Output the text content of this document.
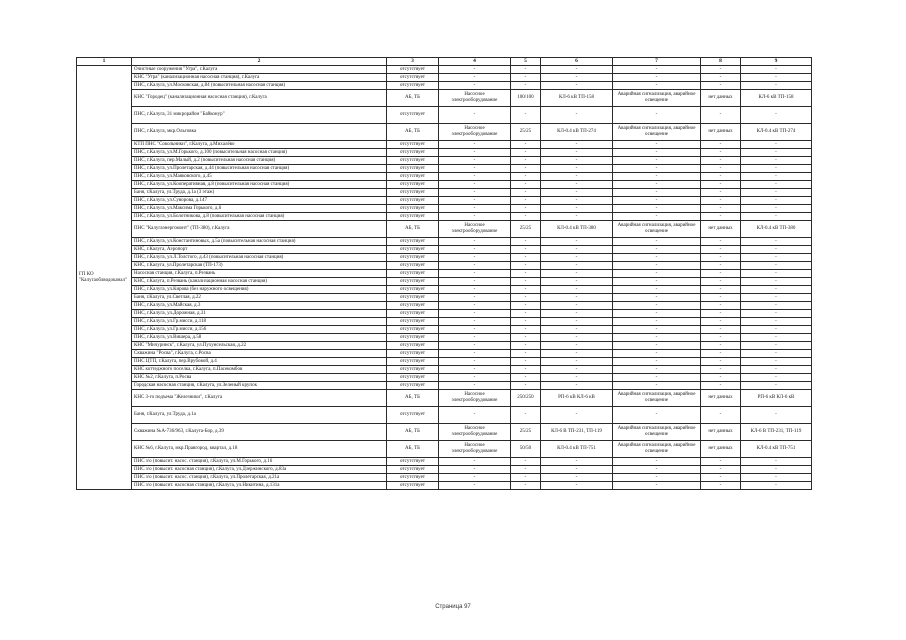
1	2	3	4	5	6	7	8	9
ГП КО "Калугаоблводоканал"	Очистные сооружения "Угра", г.Калуга	отсутствует	-	-	-	-	-	-
	КНС "Угра" (канализационная насосная станция), г.Калуга	отсутствует	-	-	-	-	-	-
	ПНС, г.Калуга, ул.Московская, д.84 (повысительная насосная станция)	отсутствует	-	-	-	-	-	-
	КНС "Городец" (канализационная насосная станция), г.Калуга	АБ, ТБ	Насосное электрооборудование	100/100	КЛ-6 кВ ТП-158	Аварийная сигнализация, аварийное освещение	нет данных	КЛ-6 кВ ТП-158
	ПНС, г.Калуга, 31 микрорайон "Байконур"	отсутствует	-	-	-	-	-	-
	ПНС, г.Калуга, мкр.Ольговка	АБ, ТБ	Насосное электрооборудование	25/25	КЛ-0.4 кВ ТП-274	Аварийная сигнализация, аварийное освещение	нет данных	КЛ-0.4 кВ ТП-274
	КТП ПНС "Сокольники", г.Калуга, д.Михалёво	отсутствует	-	-	-	-	-	-
	ПНС, г.Калуга, ул.М.Горького, д.100 (повысительная насосная станция)	отсутствует	-	-	-	-	-	-
	ПНС, г.Калуга, пер.Малый, д.2 (повысительная насосная станция)	отсутствует	-	-	-	-	-	-
	ПНС, г.Калуга, ул.Пролетарская, д.44 (повысительная насосная станция)	отсутствует	-	-	-	-	-	-
	ПНС, г.Калуга, ул.Маяковского, д.45	отсутствует	-	-	-	-	-	-
	ПНС, г.Калуга, ул.Кооперативная, д.8 (повысительная насосная станция)	отсутствует	-	-	-	-	-	-
	Баня, г.Калуга, ул.Труда, д.1а (3 этаж)	отсутствует	-	-	-	-	-	-
	ПНС, г.Калуга, ул.Суворова, д.147	отсутствует	-	-	-	-	-	-
	ПНС, г.Калуга, ул.Максима Горького, д.6	отсутствует	-	-	-	-	-	-
	ПНС, г.Калуга, ул.Болотникова, д.8 (повысительная насосная станция)	отсутствует	-	-	-	-	-	-
	ПНС "Калугаэнергомонт" (ТП-380), г.Калуга	АБ, ТБ	Насосное электрооборудование	25/25	КЛ-0.4 кВ ТП-380	Аварийная сигнализация, аварийное освещение	нет данных	КЛ-0.4 кВ ТП-380
	ПНС, г.Калуга, ул.Константиновых, д.5а (повысительная насосная станция)	отсутствует	-	-	-	-	-	-
	КНС, г.Калуга, Аэропорт	отсутствует	-	-	-	-	-	-
	ПНС, г.Калуга, ул.Л.Толстого, д.43 (повысительная насосная станция)	отсутствует	-	-	-	-	-	-
	КНС, г.Калуга, ул.Пролетарская (ТП-173)	отсутствует	-	-	-	-	-	-
	Насосная станция, г.Калуга, п.Резвань	отсутствует	-	-	-	-	-	-
	КНС, г.Калуга, п.Резвань (канализационная насосная станция)	отсутствует	-	-	-	-	-	-
	ПНС, г.Калуга, ул.Кирова (без наружного освещения)	отсутствует	-	-	-	-	-	-
	Баня, г.Калуга, ул.Светлая, д.22	отсутствует	-	-	-	-	-	-
	ПНС, г.Калуга, ул.Майская, д.3	отсутствует	-	-	-	-	-	-
	ПНС, г.Калуга, ул.Дорожная, д.31	отсутствует	-	-	-	-	-	-
	ПНС, г.Калуга, ул.Гр.мисси, д.118	отсутствует	-	-	-	-	-	-
	ПНС, г.Калуга, ул.Гр.мисси, д.156	отсутствует	-	-	-	-	-	-
	ПНС, г.Калуга, ул.Вишера, д.58	отсутствует	-	-	-	-	-	-
	КНС "Мичуринск", г.Калуга, ул.Пухунсельская, д.22	отсутствует	-	-	-	-	-	-
	Скважина "Росва", г.Калуга, с.Росва	отсутствует	-	-	-	-	-	-
	ПНС ЦТП, г.Калуга, пер.Врубовой, д.4	отсутствует	-	-	-	-	-	-
	КНС коттеджного поселка, г.Калуга, п.Пасекомбов	отсутствует	-	-	-	-	-	-
	КНС №2, г.Калуга, п.Росва	отсутствует	-	-	-	-	-	-
	Городская насосная станция, г.Калуга, ул.Зеленый крупок	отсутствует	-	-	-	-	-	-
	КНС 3-го подъема "Железники", г.Калуга	АБ, ТБ	Насосное электрооборудование	250/250	РП-6 кВ КЛ-6 кВ	Аварийная сигнализация, аварийное освещение	нет данных	РП-6 кВ КЛ-6 кВ
	Баня, г.Калуга, ул.Труда, д.1а	отсутствует	-	-	-	-	-	-
	Скважина №А-736/963, г.Калуга-Бор, д.39	АБ, ТБ	Насосное электрооборудование	25/25	КЛ-6 В ТП-231, ТП-119	Аварийная сигнализация, аварийное освещение	нет данных	КЛ-6 В ТП-231, ТП-119
	КНС №6, г.Калуга, мкр.Правгород, квартал, д.18	АБ, ТБ	Насосное электрооборудование	50/50	КЛ-0.4 кВ ТП-751	Аварийная сигнализация, аварийное освещение	нет данных	КЛ-0.4 кВ ТП-751
	ПНС з/о (повысит. насос. станция), г.Калуга, ул.М.Горького, д.16	отсутствует	-	-	-	-	-	-
	ПНС з/о (повысит. насосная станция), г.Калуга, ул.Дзержинского, д.83а	отсутствует	-	-	-	-	-	-
	ПНС з/о (повысит. насос. станция), г.Калуга, ул.Пролетарская, д.21а	отсутствует	-	-	-	-	-	-
	ПНС з/о (повысит. насосная станция), г.Калуга, ул.Никитина, д.131а	отсутствует	-	-	-	-	-	-
Страница 97
